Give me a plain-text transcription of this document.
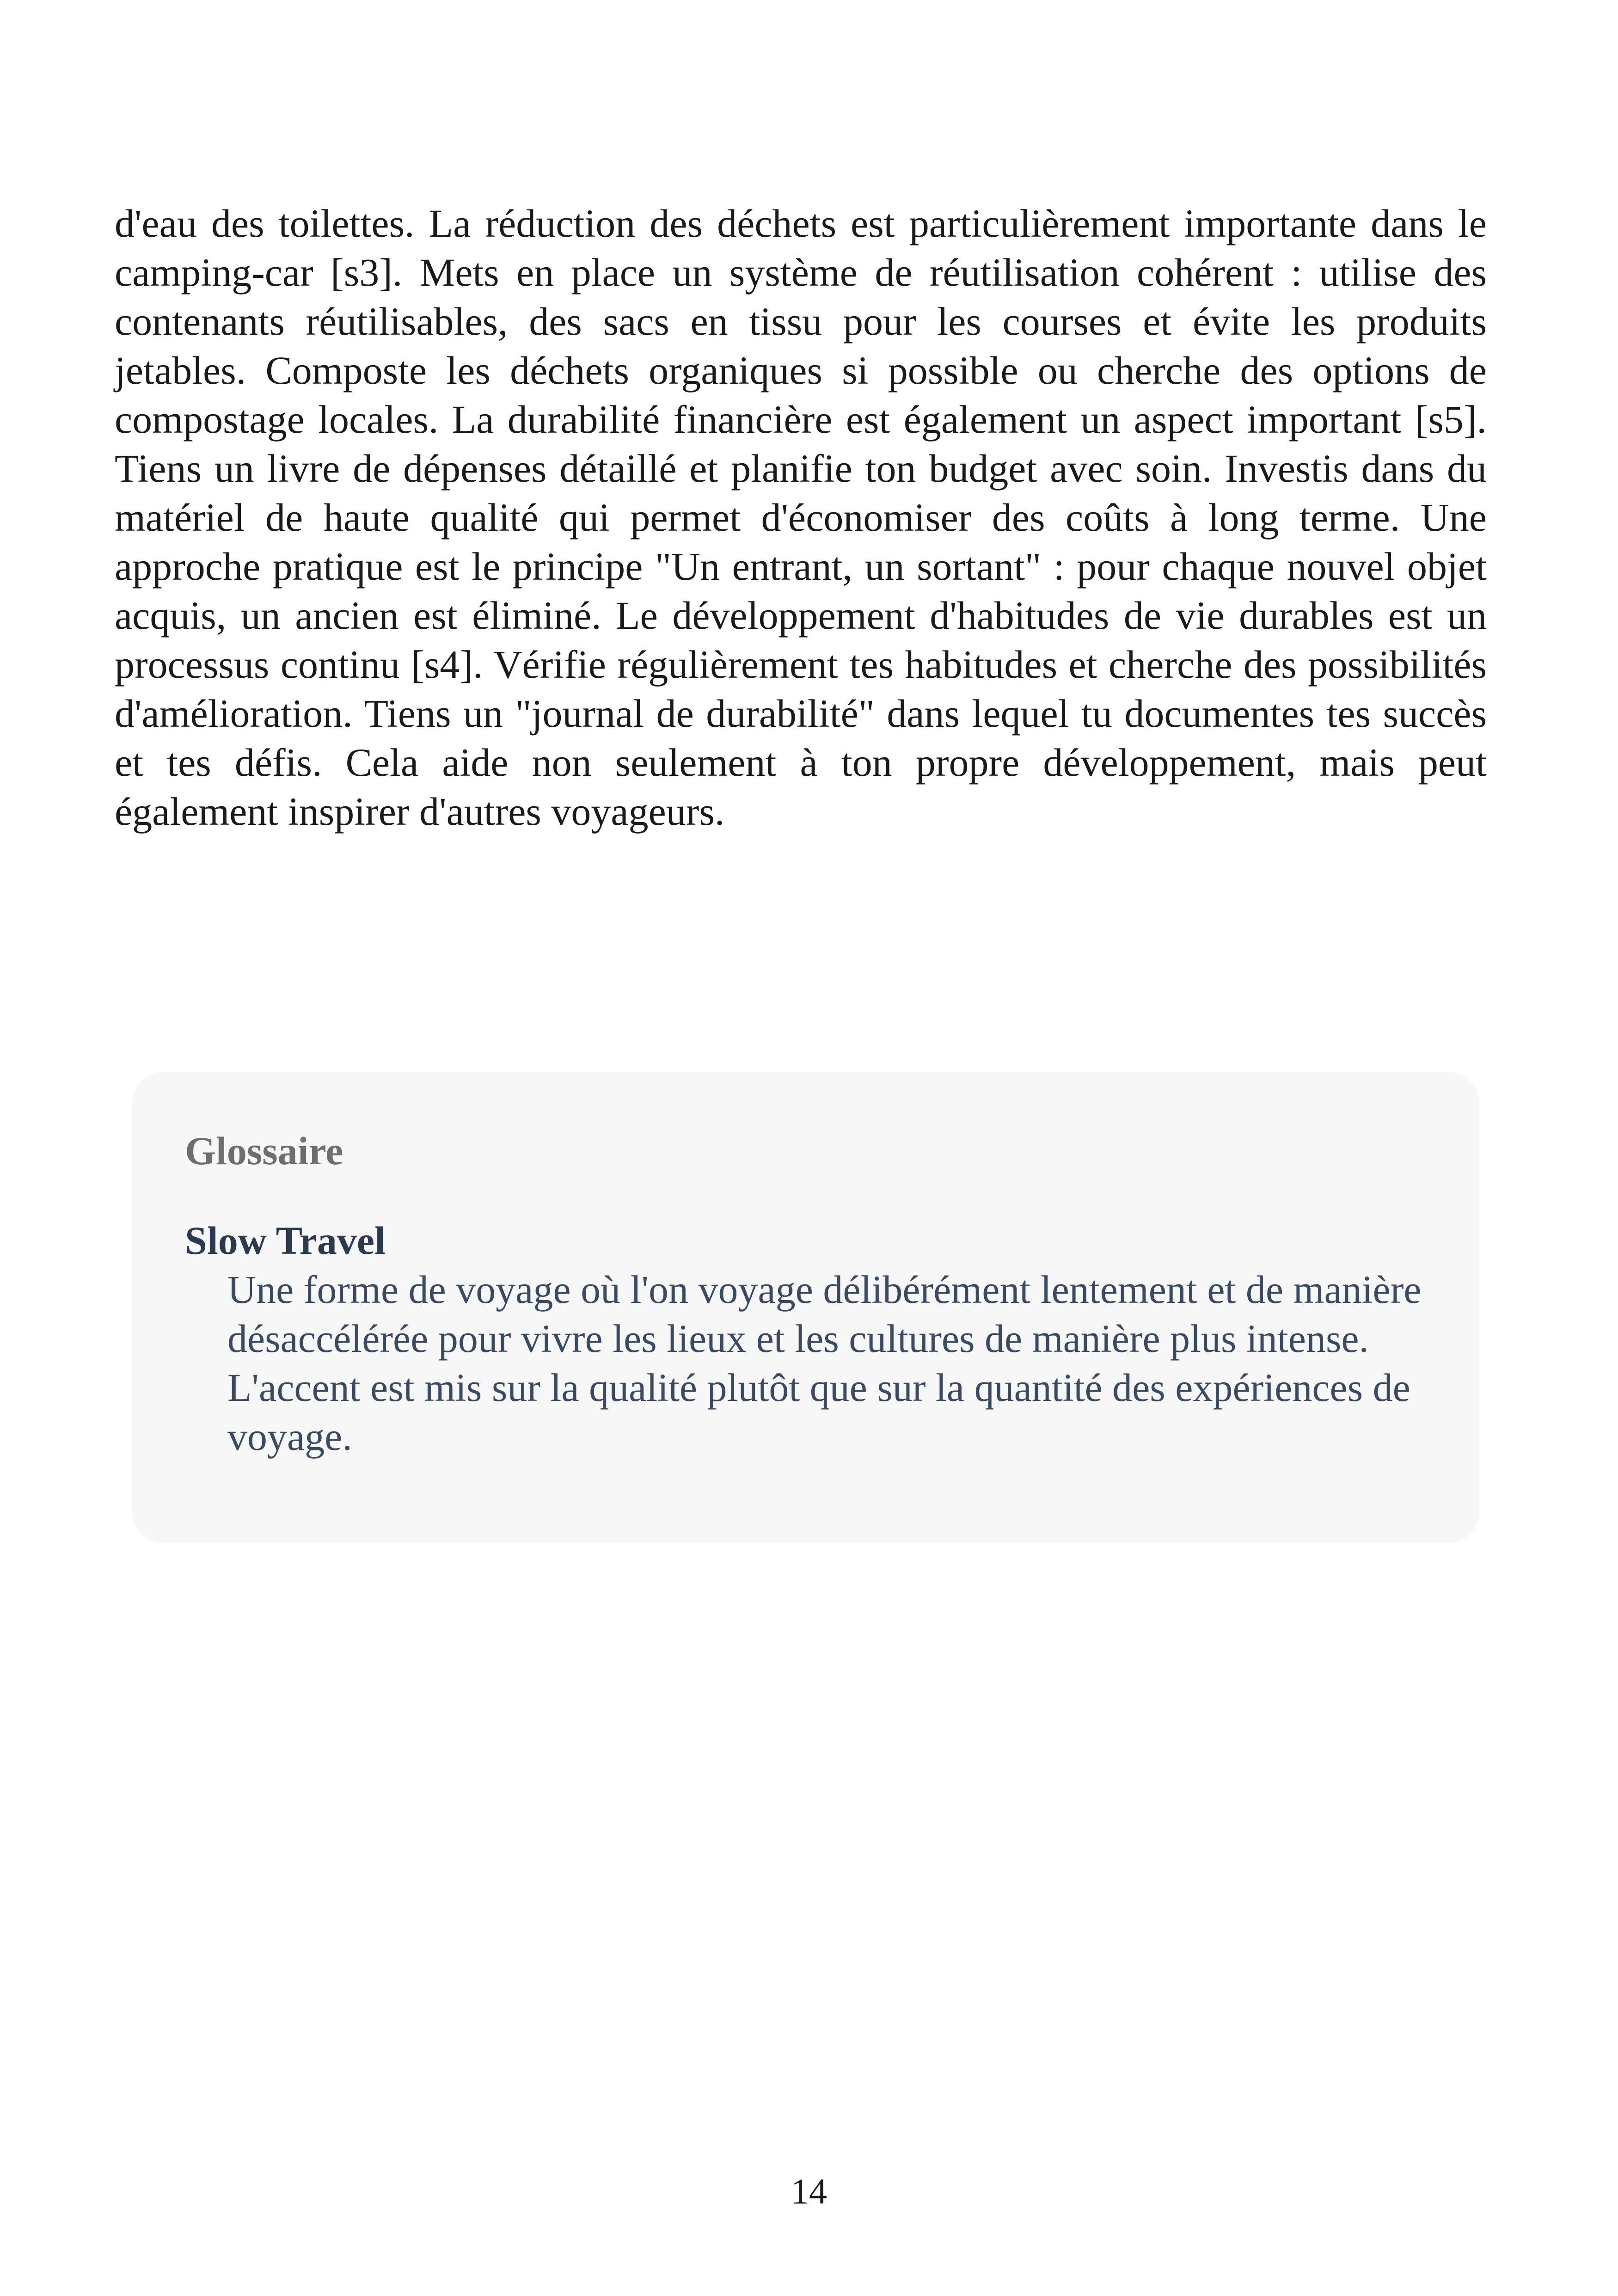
d'eau des toilettes. La réduction des déchets est particulièrement importante dans le camping-car [s3]. Mets en place un système de réutilisation cohérent : utilise des contenants réutilisables, des sacs en tissu pour les courses et évite les produits jetables. Composte les déchets organiques si possible ou cherche des options de compostage locales. La durabilité financière est également un aspect important [s5]. Tiens un livre de dépenses détaillé et planifie ton budget avec soin. Investis dans du matériel de haute qualité qui permet d'économiser des coûts à long terme. Une approche pratique est le principe "Un entrant, un sortant" : pour chaque nouvel objet acquis, un ancien est éliminé. Le développement d'habitudes de vie durables est un processus continu [s4]. Vérifie régulièrement tes habitudes et cherche des possibilités d'amélioration. Tiens un "journal de durabilité" dans lequel tu documentes tes succès et tes défis. Cela aide non seulement à ton propre développement, mais peut également inspirer d'autres voyageurs.

Glossaire
Slow Travel
Une forme de voyage où l'on voyage délibérément lentement et de manière désaccélérée pour vivre les lieux et les cultures de manière plus intense. L'accent est mis sur la qualité plutôt que sur la quantité des expériences de voyage.
14
